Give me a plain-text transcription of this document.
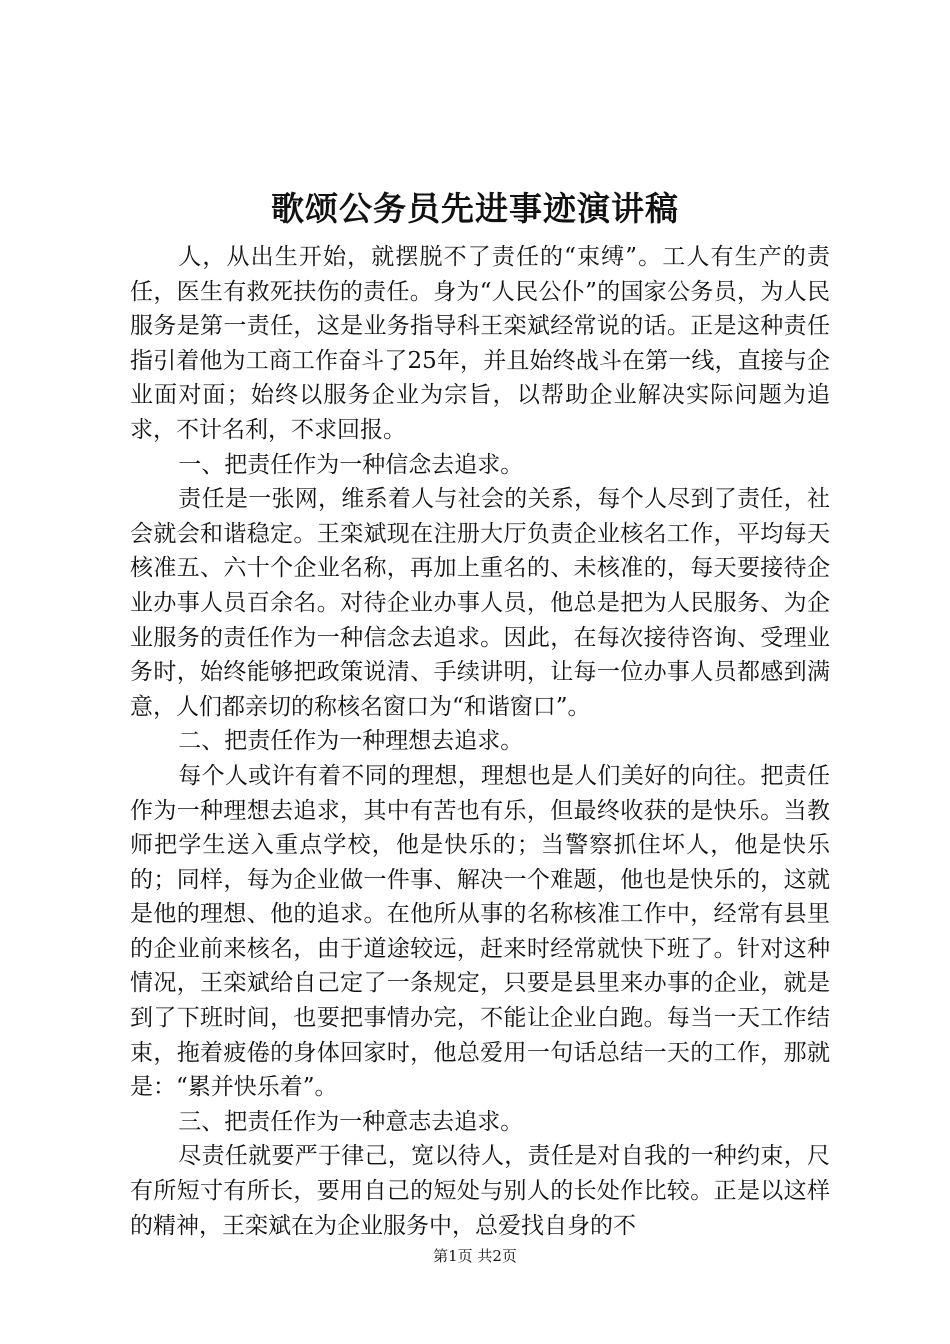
歌颂公务员先进事迹演讲稿

人，从出生开始，就摆脱不了责任的“束缚”。工人有生产的责任，医生有救死扶伤的责任。身为“人民公仆”的国家公务员，为人民服务是第一责任，这是业务指导科王栾斌经常说的话。正是这种责任指引着他为工商工作奋斗了25年，并且始终战斗在第一线，直接与企业面对面；始终以服务企业为宗旨，以帮助企业解决实际问题为追求，不计名利，不求回报。

一、把责任作为一种信念去追求。

责任是一张网，维系着人与社会的关系，每个人尽到了责任，社会就会和谐稳定。王栾斌现在注册大厅负责企业核名工作，平均每天核准五、六十个企业名称，再加上重名的、未核准的，每天要接待企业办事人员百余名。对待企业办事人员，他总是把为人民服务、为企业服务的责任作为一种信念去追求。因此，在每次接待咨询、受理业务时，始终能够把政策说清、手续讲明，让每一位办事人员都感到满意，人们都亲切的称核名窗口为“和谐窗口”。

二、把责任作为一种理想去追求。

每个人或许有着不同的理想，理想也是人们美好的向往。把责任作为一种理想去追求，其中有苦也有乐，但最终收获的是快乐。当教师把学生送入重点学校，他是快乐的；当警察抓住坏人，他是快乐的；同样，每为企业做一件事、解决一个难题，他也是快乐的，这就是他的理想、他的追求。在他所从事的名称核准工作中，经常有县里的企业前来核名，由于道途较远，赶来时经常就快下班了。针对这种情况，王栾斌给自己定了一条规定，只要是县里来办事的企业，就是到了下班时间，也要把事情办完，不能让企业白跑。每当一天工作结束，拖着疲倦的身体回家时，他总爱用一句话总结一天的工作，那就是：“累并快乐着”。

三、把责任作为一种意志去追求。

尽责任就要严于律己，宽以待人，责任是对自我的一种约束，尺有所短寸有所长，要用自己的短处与别人的长处作比较。正是以这样的精神，王栾斌在为企业服务中，总爱找自身的不

第1页 共2页
